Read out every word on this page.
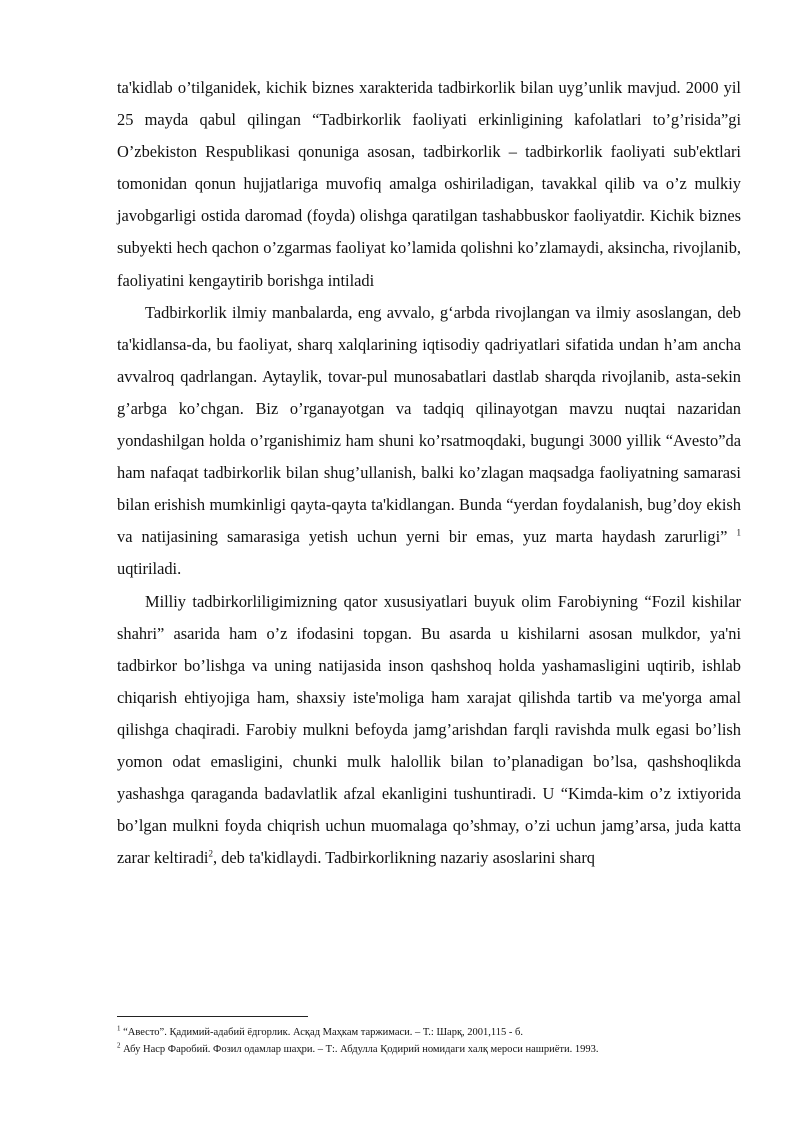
ta'kidlab o’tilganidek, kichik biznes xarakterida tadbirkorlik bilan uyg’unlik mavjud. 2000 yil 25 mayda qabul qilingan “Tadbirkorlik faoliyati erkinligining kafolatlari to’g’risida”gi O’zbekiston Respublikasi qonuniga asosan, tadbirkorlik – tadbirkorlik faoliyati sub'ektlari tomonidan qonun hujjatlariga muvofiq amalga oshiriladigan, tavakkal qilib va o’z mulkiy javobgarligi ostida daromad (foyda) olishga qaratilgan tashabbuskor faoliyatdir. Kichik biznes subyekti hech qachon o’zgarmas faoliyat ko’lamida qolishni ko’zlamaydi, aksincha, rivojlanib, faoliyatini kengaytirib borishga intiladi

Tadbirkorlik ilmiy manbalarda, eng avvalo, g‘arbda rivojlangan va ilmiy asoslangan, deb ta'kidlansa-da, bu faoliyat, sharq xalqlarining iqtisodiy qadriyatlari sifatida undan h’am ancha avvalroq qadrlangan. Aytaylik, tovar-pul munosabatlari dastlab sharqda rivojlanib, asta-sekin g’arbga ko’chgan. Biz o’rganayotgan va tadqiq qilinayotgan mavzu nuqtai nazaridan yondashilgan holda o’rganishimiz ham shuni ko’rsatmoqdaki, bugungi 3000 yillik “Avesto”da ham nafaqat tadbirkorlik bilan shug’ullanish, balki ko’zlagan maqsadga faoliyatning samarasi bilan erishish mumkinligi qayta-qayta ta'kidlangan. Bunda “yerdan foydalanish, bug’doy ekish va natijasining samarasiga yetish uchun yerni bir emas, yuz marta haydash zarurligi” $^1$ uqtiriladi.

Milliy tadbirkorliligimizning qator xususiyatlari buyuk olim Farobiyning “Fozil kishilar shahri” asarida ham o’z ifodasini topgan. Bu asarda u kishilarni asosan mulkdor, ya'ni tadbirkor bo’lishga va uning natijasida inson qashshoq holda yashamasligini uqtirib, ishlab chiqarish ehtiyojiga ham, shaxsiy iste'moliga ham xarajat qilishda tartib va me'yorga amal qilishga chaqiradi. Farobiy mulkni befoyda jamg’arishdan farqli ravishda mulk egasi bo’lish yomon odat emasligini, chunki mulk halollik bilan to’planadigan bo’lsa, qashshoqlikda yashashga qaraganda badavlatlik afzal ekanligini tushuntiradi. U “Kimda-kim o’z ixtiyorida bo’lgan mulkni foyda chiqrish uchun muomalaga qo’shmay, o’zi uchun jamg’arsa, juda katta zarar keltiradi$^2$, deb ta'kidlaydi. Tadbirkorlikning nazariy asoslarini sharq

$^1$ “Авесто”. Қадимий-адабий ёдгорлик. Асқад Маҳкам таржимаси. – Т.: Шарқ, 2001,115 - б.

$^2$ Абу Наср Фаробий. Фозил одамлар шаҳри. – Т:. Абдулла Қодирий номидаги халқ мероси нашриёти. 1993.
